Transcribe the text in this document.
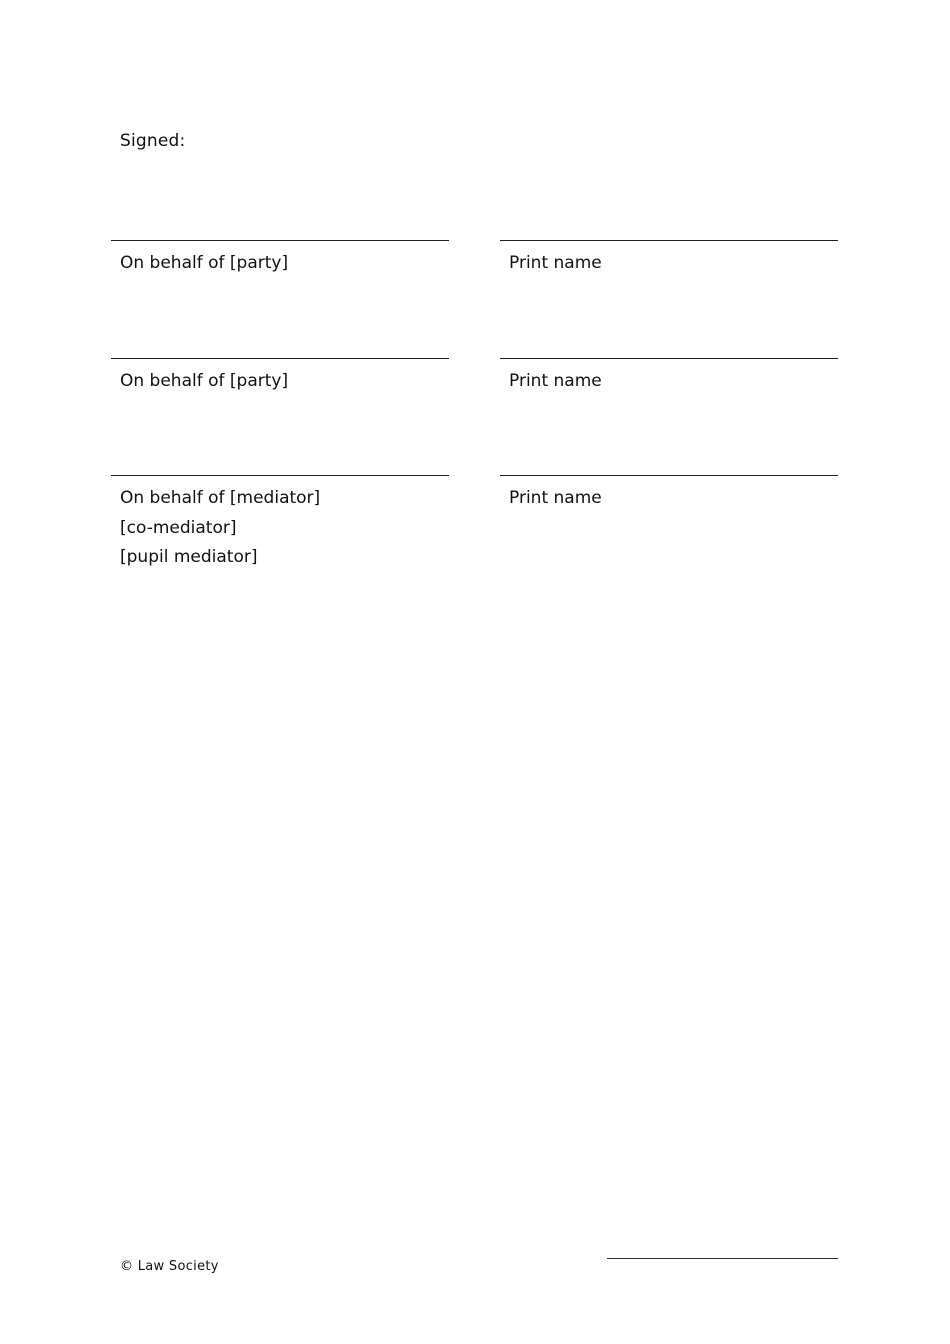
Signed:
On behalf of [party]	Print name
On behalf of [party]	Print name
On behalf of [mediator]
[co-mediator]
[pupil mediator]
Print name
© Law Society
